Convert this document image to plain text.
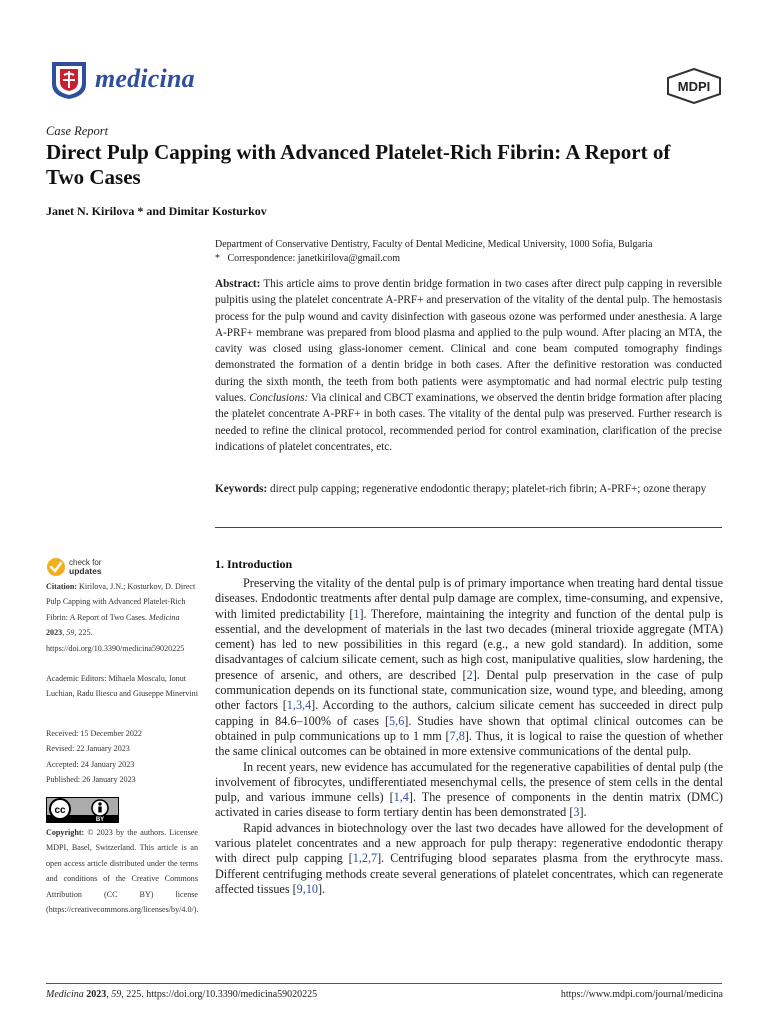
medicina	MDPI
Case Report
Direct Pulp Capping with Advanced Platelet-Rich Fibrin: A Report of Two Cases
Janet N. Kirilova * and Dimitar Kosturkov
Department of Conservative Dentistry, Faculty of Dental Medicine, Medical University, 1000 Sofia, Bulgaria
*   Correspondence: janetkirilova@gmail.com
Abstract: This article aims to prove dentin bridge formation in two cases after direct pulp capping in reversible pulpitis using the platelet concentrate A-PRF+ and preservation of the vitality of the dental pulp. The hemostasis process for the pulp wound and cavity disinfection with gaseous ozone was performed under anesthesia. A large A-PRF+ membrane was prepared from blood plasma and applied to the pulp wound. After placing an MTA, the cavity was closed using glass-ionomer cement. Clinical and cone beam computed tomography findings demonstrated the formation of a dentin bridge in both cases. After the definitive restoration was conducted during the sixth month, the teeth from both patients were asymptomatic and had normal electric pulp testing values. Conclusions: Via clinical and CBCT examinations, we observed the dentin bridge formation after placing the platelet concentrate A-PRF+ in both cases. The vitality of the dental pulp was preserved. Further research is needed to refine the clinical protocol, recommended period for control examination, clarification of the precise indications of platelet concentrates, etc.
Keywords: direct pulp capping; regenerative endodontic therapy; platelet-rich fibrin; A-PRF+; ozone therapy
check for
updates
Citation: Kirilova, J.N.; Kosturkov, D. Direct Pulp Capping with Advanced Platelet-Rich Fibrin: A Report of Two Cases. Medicina 2023, 59, 225. https://doi.org/10.3390/medicina59020225
Academic Editors: Mihaela Moscalu, Ionut Luchian, Radu Iliescu and Giuseppe Minervini
Received: 15 December 2022
Revised: 22 January 2023
Accepted: 24 January 2023
Published: 26 January 2023
cc
BY
Copyright: © 2023 by the authors. Licensee MDPI, Basel, Switzerland. This article is an open access article distributed under the terms and conditions of the Creative Commons Attribution (CC BY) license (https://creativecommons.org/licenses/by/4.0/).
1. Introduction

Preserving the vitality of the dental pulp is of primary importance when treating hard dental tissue diseases. Endodontic treatments after dental pulp damage are complex, time-consuming, and expensive, with limited predictability [1]. Therefore, maintaining the integrity and function of the dental pulp is essential, and the development of materials in the last two decades (mineral trioxide aggregate (MTA) cement) has led to new possibilities in this regard (e.g., a new gold standard). In addition, some disadvantages of calcium silicate cement, such as high cost, manipulative qualities, slow hardening, the presence of arsenic, and others, are described [2]. Dental pulp preservation in the case of pulp communication depends on its functional state, communication size, wound type, and bleeding, among other factors [1,3,4]. According to the authors, calcium silicate cement has succeeded in direct pulp capping in 84.6–100% of cases [5,6]. Studies have shown that optimal clinical outcomes can be obtained in pulp communications up to 1 mm [7,8]. Thus, it is logical to raise the question of whether the same clinical outcomes can be obtained in more extensive communications of the dental pulp.

In recent years, new evidence has accumulated for the regenerative capabilities of dental pulp (the involvement of fibrocytes, undifferentiated mesenchymal cells, the presence of stem cells in the dental pulp, and various immune cells) [1,4]. The presence of components in the dentin matrix (DMC) activated in caries disease to form tertiary dentin has been demonstrated [3].

Rapid advances in biotechnology over the last two decades have allowed for the development of various platelet concentrates and a new approach for pulp therapy: regenerative endodontic therapy with direct pulp capping [1,2,7]. Centrifuging blood separates plasma from the erythrocyte mass. Different centrifuging methods create several generations of platelet concentrates, which can regenerate affected tissues [9,10].

Medicina 2023, 59, 225. https://doi.org/10.3390/medicina59020225	https://www.mdpi.com/journal/medicina
